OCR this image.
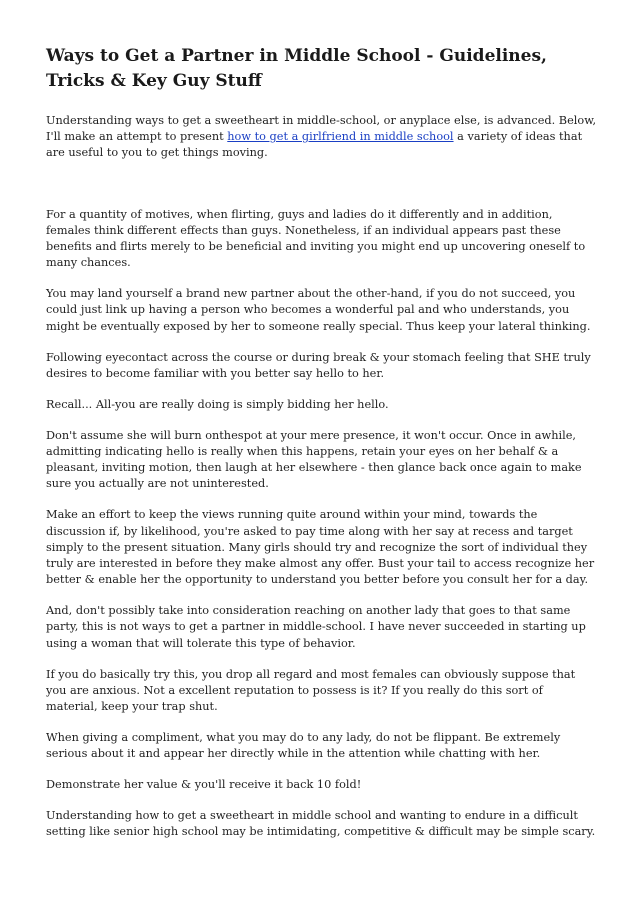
Ways to Get a Partner in Middle School - Guidelines, Tricks & Key Guy Stuff

Understanding ways to get a sweetheart in middle-school, or anyplace else, is advanced. Below, I'll make an attempt to present how to get a girlfriend in middle school a variety of ideas that are useful to you to get things moving.

For a quantity of motives, when flirting, guys and ladies do it differently and in addition, females think different effects than guys. Nonetheless, if an individual appears past these benefits and flirts merely to be beneficial and inviting you might end up uncovering oneself to many chances.

You may land yourself a brand new partner about the other-hand, if you do not succeed, you could just link up having a person who becomes a wonderful pal and who understands, you might be eventually exposed by her to someone really special. Thus keep your lateral thinking.

Following eyecontact across the course or during break & your stomach feeling that SHE truly desires to become familiar with you better say hello to her.

Recall... All-you are really doing is simply bidding her hello.

Don't assume she will burn onthespot at your mere presence, it won't occur. Once in awhile, admitting indicating hello is really when this happens, retain your eyes on her behalf & a pleasant, inviting motion, then laugh at her elsewhere - then glance back once again to make sure you actually are not uninterested.

Make an effort to keep the views running quite around within your mind, towards the discussion if, by likelihood, you're asked to pay time along with her say at recess and target simply to the present situation. Many girls should try and recognize the sort of individual they truly are interested in before they make almost any offer. Bust your tail to access recognize her better & enable her the opportunity to understand you better before you consult her for a day.

And, don't possibly take into consideration reaching on another lady that goes to that same party, this is not ways to get a partner in middle-school. I have never succeeded in starting up using a woman that will tolerate this type of behavior.

If you do basically try this, you drop all regard and most females can obviously suppose that you are anxious. Not a excellent reputation to possess is it? If you really do this sort of material, keep your trap shut.

When giving a compliment, what you may do to any lady, do not be flippant. Be extremely serious about it and appear her directly while in the attention while chatting with her.

Demonstrate her value & you'll receive it back 10 fold!

Understanding how to get a sweetheart in middle school and wanting to endure in a difficult setting like senior high school may be intimidating, competitive & difficult may be simple scary.
